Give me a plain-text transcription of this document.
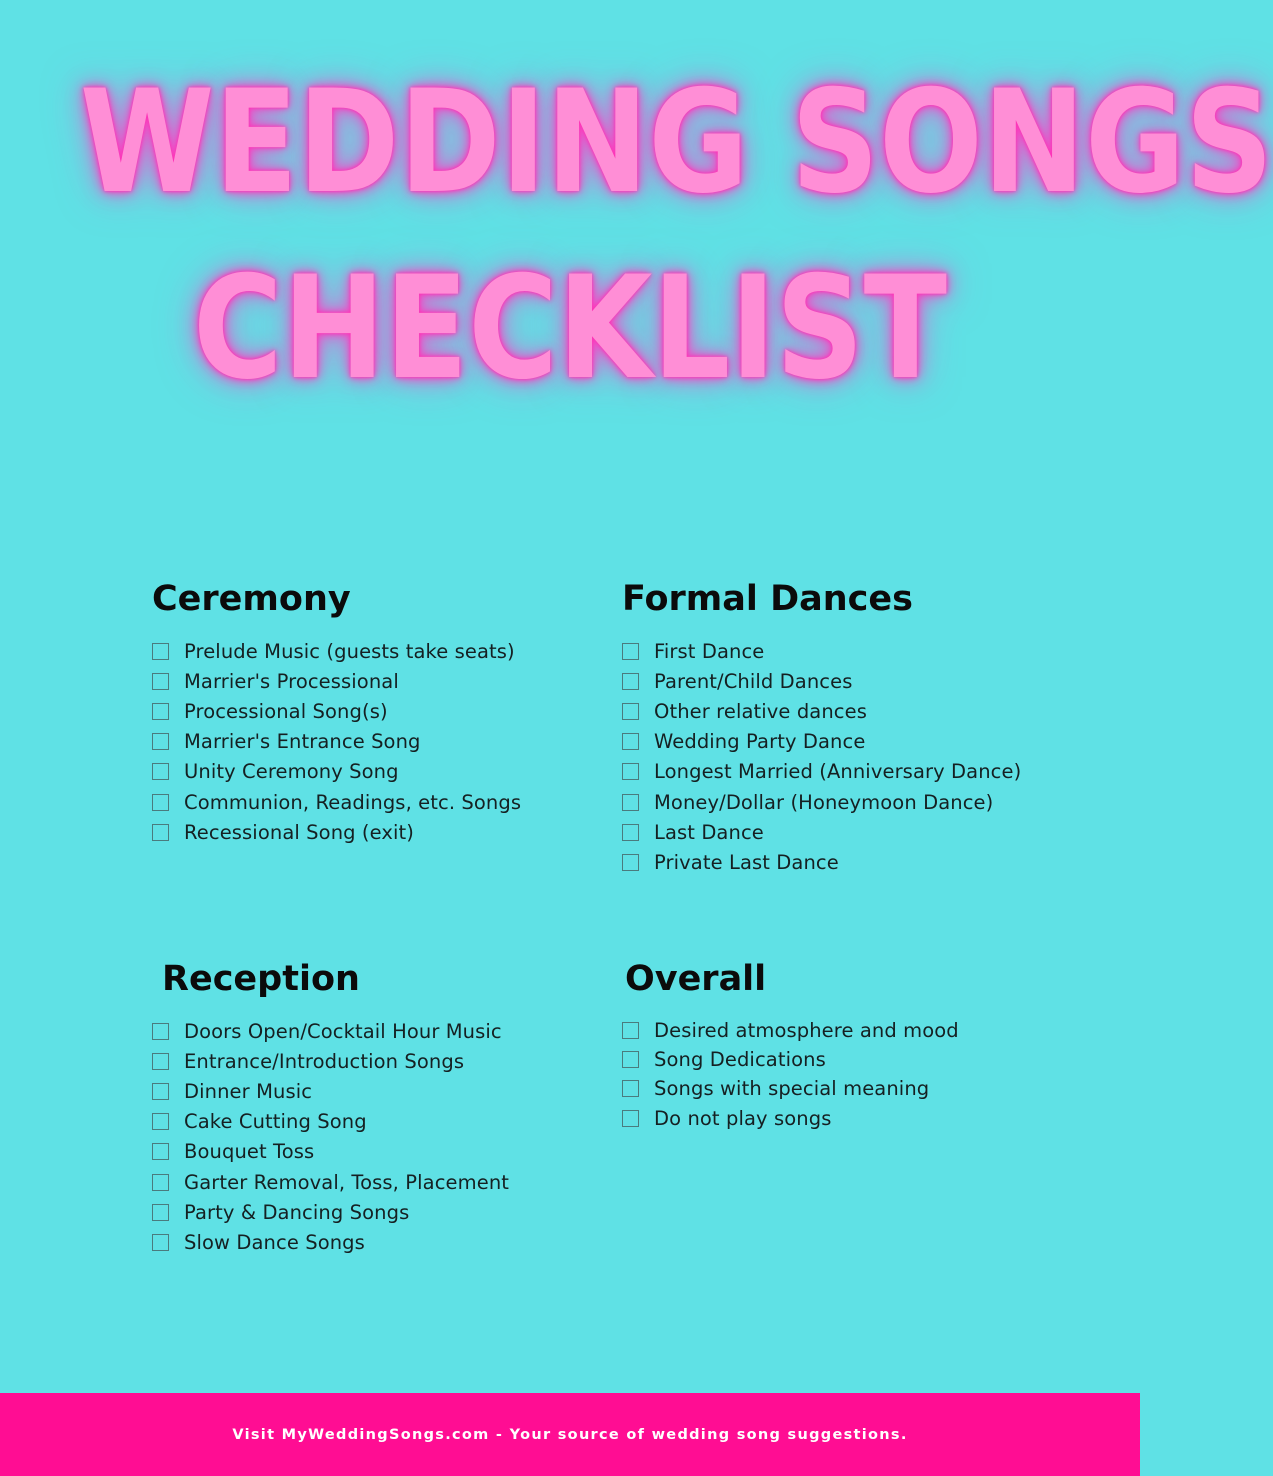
WEDDING SONGS
CHECKLIST
Ceremony
Prelude Music (guests take seats)
Marrier's Processional
Processional Song(s)
Marrier's Entrance Song
Unity Ceremony Song
Communion, Readings, etc. Songs
Recessional Song (exit)
Formal Dances
First Dance
Parent/Child Dances
Other relative dances
Wedding Party Dance
Longest Married (Anniversary Dance)
Money/Dollar (Honeymoon Dance)
Last Dance
Private Last Dance
Reception
Doors Open/Cocktail Hour Music
Entrance/Introduction Songs
Dinner Music
Cake Cutting Song
Bouquet Toss
Garter Removal, Toss, Placement
Party & Dancing Songs
Slow Dance Songs
Overall
Desired atmosphere and mood
Song Dedications
Songs with special meaning
Do not play songs
Visit MyWeddingSongs.com - Your source of wedding song suggestions.
